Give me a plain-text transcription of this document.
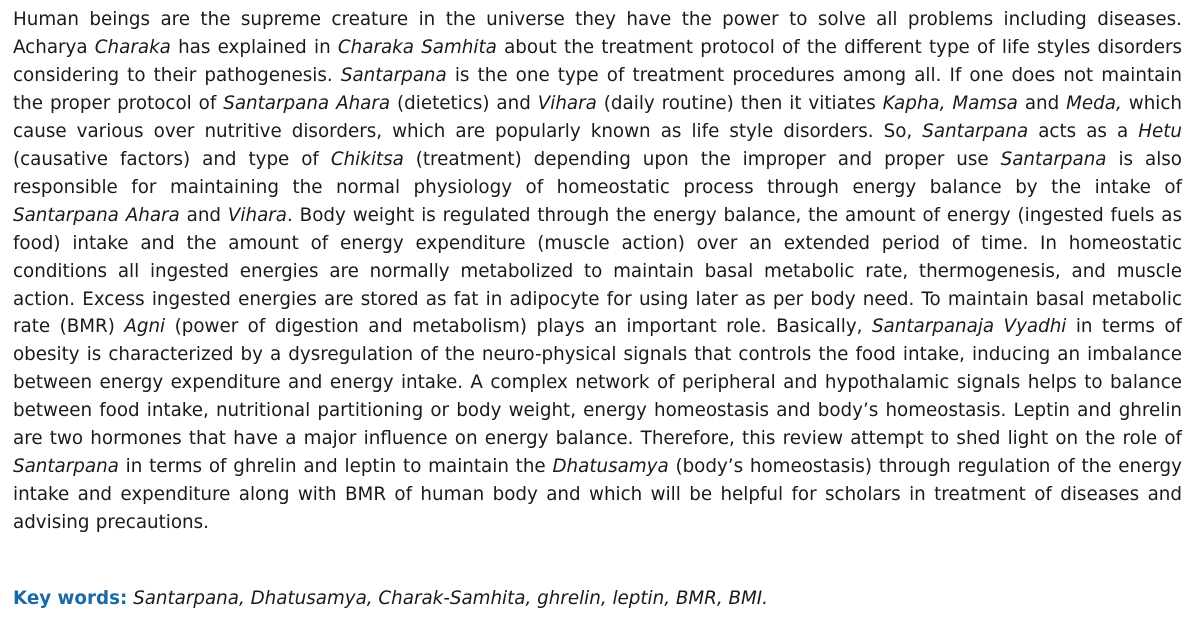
Human beings are the supreme creature in the universe they have the power to solve all problems including diseases. Acharya Charaka has explained in Charaka Samhita about the treatment protocol of the different type of life styles disorders considering to their pathogenesis. Santarpana is the one type of treatment procedures among all. If one does not maintain the proper protocol of Santarpana Ahara (dietetics) and Vihara (daily routine) then it vitiates Kapha, Mamsa and Meda, which cause various over nutritive disorders, which are popularly known as life style disorders. So, Santarpana acts as a Hetu (causative factors) and type of Chikitsa (treatment) depending upon the improper and proper use Santarpana is also responsible for maintaining the normal physiology of homeostatic process through energy balance by the intake of Santarpana Ahara and Vihara. Body weight is regulated through the energy balance, the amount of energy (ingested fuels as food) intake and the amount of energy expenditure (muscle action) over an extended period of time. In homeostatic conditions all ingested energies are normally metabolized to maintain basal metabolic rate, thermogenesis, and muscle action. Excess ingested energies are stored as fat in adipocyte for using later as per body need. To maintain basal metabolic rate (BMR) Agni (power of digestion and metabolism) plays an important role. Basically, Santarpanaja Vyadhi in terms of obesity is characterized by a dysregulation of the neuro-physical signals that controls the food intake, inducing an imbalance between energy expenditure and energy intake. A complex network of peripheral and hypothalamic signals helps to balance between food intake, nutritional partitioning or body weight, energy homeostasis and body’s homeostasis. Leptin and ghrelin are two hormones that have a major influence on energy balance. Therefore, this review attempt to shed light on the role of Santarpana in terms of ghrelin and leptin to maintain the Dhatusamya (body’s homeostasis) through regulation of the energy intake and expenditure along with BMR of human body and which will be helpful for scholars in treatment of diseases and advising precautions.

Key words: Santarpana, Dhatusamya, Charak-Samhita, ghrelin, leptin, BMR, BMI.
